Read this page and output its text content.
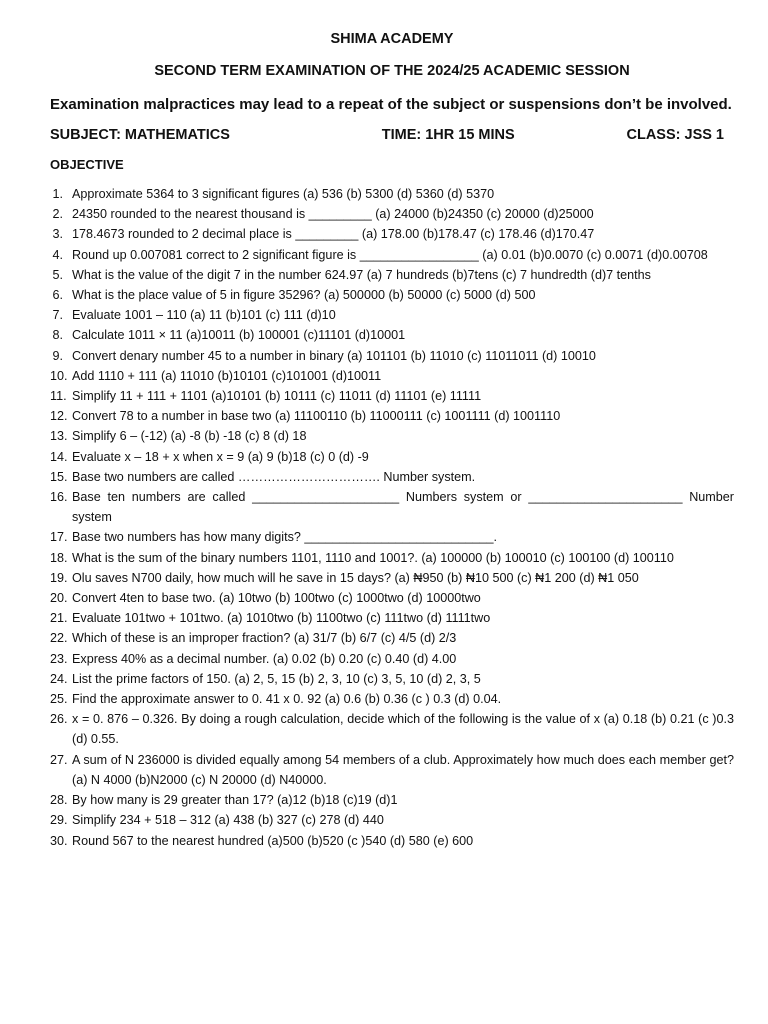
SHIMA ACADEMY
SECOND TERM EXAMINATION OF THE 2024/25 ACADEMIC SESSION
Examination malpractices may lead to a repeat of the subject or suspensions don’t be involved.
SUBJECT: MATHEMATICS	TIME: 1HR 15 MINS	CLASS: JSS 1
OBJECTIVE
1. Approximate 5364 to 3 significant figures (a) 536 (b) 5300 (d) 5360 (d) 5370
2. 24350 rounded to the nearest thousand is _________ (a) 24000 (b)24350 (c) 20000 (d)25000
3. 178.4673 rounded to 2 decimal place is _________ (a) 178.00 (b)178.47 (c) 178.46 (d)170.47
4. Round up 0.007081 correct to 2 significant figure is _________________ (a) 0.01 (b)0.0070 (c) 0.0071 (d)0.00708
5. What is the value of the digit 7 in the number 624.97 (a) 7 hundreds (b)7tens (c) 7 hundredth (d)7 tenths
6. What is the place value of 5 in figure 35296? (a) 500000 (b) 50000 (c) 5000 (d) 500
7. Evaluate 1001 – 110 (a) 11 (b)101 (c) 111 (d)10
8. Calculate 1011 × 11 (a)10011 (b) 100001 (c)11101 (d)10001
9. Convert denary number 45 to a number in binary (a) 101101 (b) 11010 (c) 11011011 (d) 10010
10. Add 1110 + 111 (a) 11010 (b)10101 (c)101001 (d)10011
11. Simplify 11 + 111 + 1101 (a)10101 (b) 10111 (c) 11011 (d) 11101 (e) 11111
12. Convert 78 to a number in base two (a) 11100110 (b) 11000111 (c) 1001111 (d) 1001110
13. Simplify 6 – (-12) (a) -8 (b) -18 (c) 8 (d) 18
14. Evaluate x – 18 + x when x = 9 (a) 9 (b)18 (c) 0 (d) -9
15. Base two numbers are called ……………………………. Number system.
16. Base ten numbers are called _____________________ Numbers system or ______________________ Number system
17. Base two numbers has how many digits? ___________________________.
18. What is the sum of the binary numbers 1101, 1110 and 1001?. (a) 100000 (b) 100010 (c) 100100 (d) 100110
19. Olu saves N700 daily, how much will he save in 15 days? (a) ₦950 (b) ₦10 500 (c) ₦1 200 (d) ₦1 050
20. Convert 4ten to base two. (a) 10two (b) 100two (c) 1000two (d) 10000two
21. Evaluate 101two + 101two. (a) 1010two (b) 1100two (c) 111two (d) 1111two
22. Which of these is an improper fraction? (a) 31/7 (b) 6/7 (c) 4/5 (d) 2/3
23. Express 40% as a decimal number. (a) 0.02 (b) 0.20 (c) 0.40 (d) 4.00
24. List the prime factors of 150. (a) 2, 5, 15 (b) 2, 3, 10 (c) 3, 5, 10 (d) 2, 3, 5
25. Find the approximate answer to 0. 41 x 0. 92 (a) 0.6 (b) 0.36 (c ) 0.3 (d) 0.04.
26. x = 0. 876 – 0.326. By doing a rough calculation, decide which of the following is the value of x (a) 0.18 (b) 0.21 (c )0.3 (d) 0.55.
27. A sum of N 236000 is divided equally among 54 members of a club. Approximately how much does each member get? (a) N 4000 (b)N2000 (c) N 20000 (d) N40000.
28. By how many is 29 greater than 17? (a)12 (b)18 (c)19 (d)1
29. Simplify 234 + 518 – 312 (a) 438 (b) 327 (c) 278 (d) 440
30. Round 567 to the nearest hundred (a)500 (b)520 (c )540 (d) 580 (e) 600
